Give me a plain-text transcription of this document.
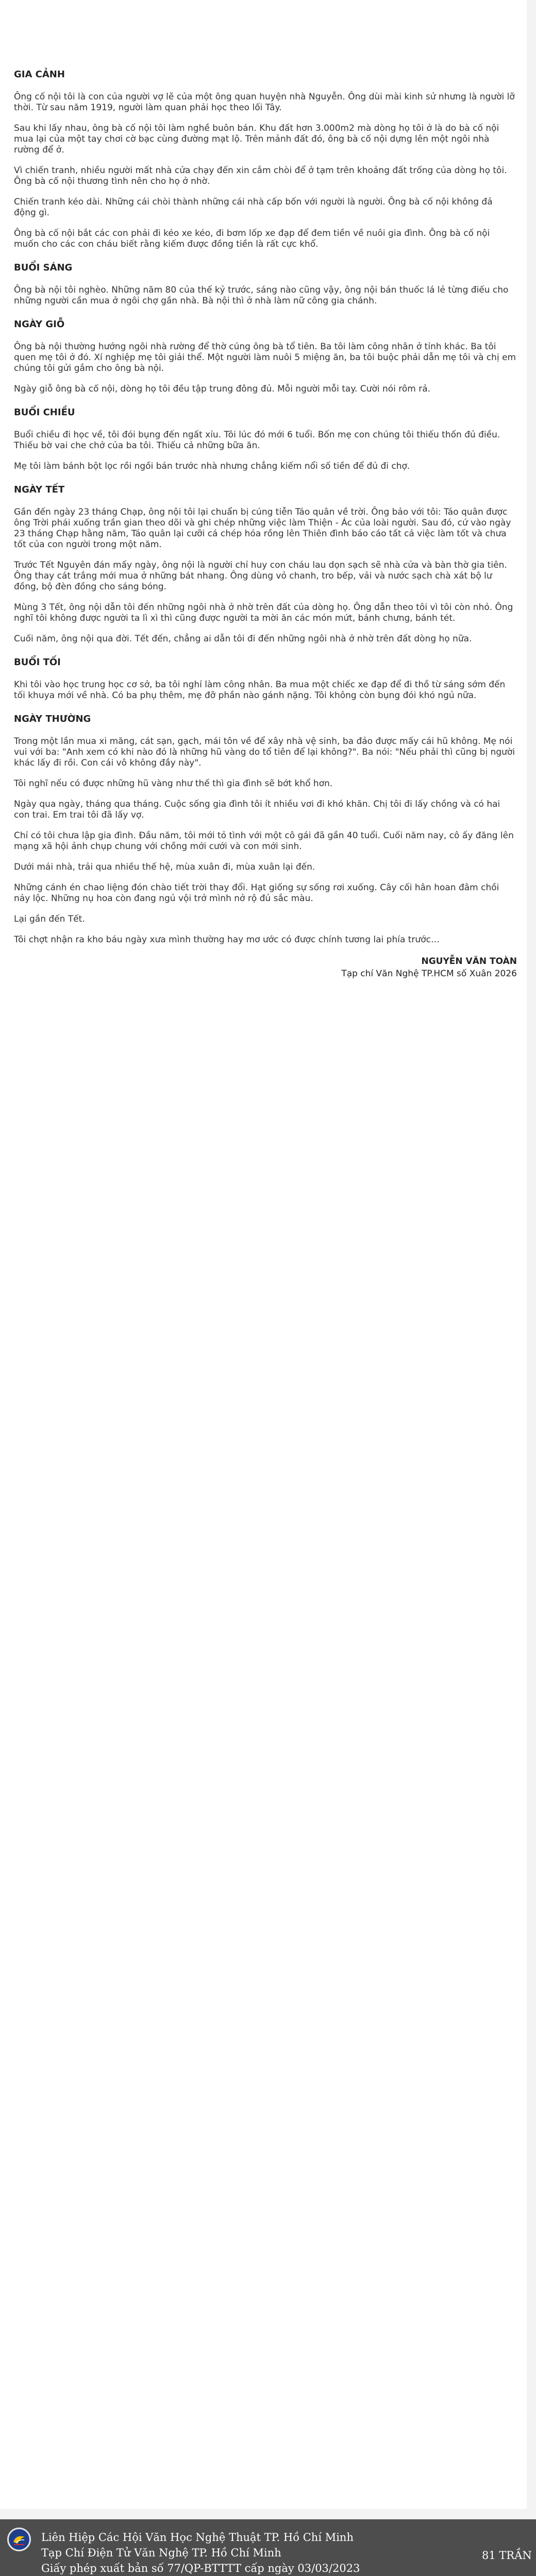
GIA CẢNH

Ông cố nội tôi là con của người vợ lẽ của một ông quan huyện nhà Nguyễn. Ông dùi mài kinh sử nhưng là người lỡ thời. Từ sau năm 1919, người làm quan phải học theo lối Tây.

Sau khi lấy nhau, ông bà cố nội tôi làm nghề buôn bán. Khu đất hơn 3.000m2 mà dòng họ tôi ở là do bà cố nội mua lại của một tay chơi cờ bạc cùng đường mạt lộ. Trên mảnh đất đó, ông bà cố nội dựng lên một ngôi nhà rường để ở.

Vì chiến tranh, nhiều người mất nhà cửa chạy đến xin cắm chòi để ở tạm trên khoảng đất trống của dòng họ tôi. Ông bà cố nội thương tình nên cho họ ở nhờ.

Chiến tranh kéo dài. Những cái chòi thành những cái nhà cấp bốn với người là người. Ông bà cố nội không đả động gì.

Ông bà cố nội bắt các con phải đi kéo xe kéo, đi bơm lốp xe đạp để đem tiền về nuôi gia đình. Ông bà cố nội muốn cho các con cháu biết rằng kiếm được đồng tiền là rất cực khổ.

BUỔI SÁNG

Ông bà nội tôi nghèo. Những năm 80 của thế kỷ trước, sáng nào cũng vậy, ông nội bán thuốc lá lẻ từng điếu cho những người cần mua ở ngôi chợ gần nhà. Bà nội thì ở nhà làm nữ công gia chánh.

NGÀY GIỖ

Ông bà nội thường hướng ngôi nhà rường để thờ cúng ông bà tổ tiên. Ba tôi làm công nhân ở tỉnh khác. Ba tôi quen mẹ tôi ở đó. Xí nghiệp mẹ tôi giải thể. Một người làm nuôi 5 miệng ăn, ba tôi buộc phải dẫn mẹ tôi và chị em chúng tôi gửi gắm cho ông bà nội.

Ngày giỗ ông bà cố nội, dòng họ tôi đều tập trung đông đủ. Mỗi người mỗi tay. Cười nói rôm rả.

BUỔI CHIỀU

Buổi chiều đi học về, tôi đói bụng đến ngất xỉu. Tôi lúc đó mới 6 tuổi. Bốn mẹ con chúng tôi thiếu thốn đủ điều. Thiếu bờ vai che chở của ba tôi. Thiếu cả những bữa ăn.

Mẹ tôi làm bánh bột lọc rồi ngồi bán trước nhà nhưng chẳng kiếm nổi số tiền để đủ đi chợ.

NGÀY TẾT

Gần đến ngày 23 tháng Chạp, ông nội tôi lại chuẩn bị cúng tiễn Táo quân về trời. Ông bảo với tôi: Táo quân được ông Trời phái xuống trần gian theo dõi và ghi chép những việc làm Thiện - Ác của loài người. Sau đó, cứ vào ngày 23 tháng Chạp hằng năm, Táo quân lại cưỡi cá chép hóa rồng lên Thiên đình báo cáo tất cả việc làm tốt và chưa tốt của con người trong một năm.

Trước Tết Nguyên đán mấy ngày, ông nội là người chỉ huy con cháu lau dọn sạch sẽ nhà cửa và bàn thờ gia tiên. Ông thay cát trắng mới mua ở những bát nhang. Ông dùng vỏ chanh, tro bếp, vải và nước sạch chà xát bộ lư đồng, bộ đèn đồng cho sáng bóng.

Mùng 3 Tết, ông nội dẫn tôi đến những ngôi nhà ở nhờ trên đất của dòng họ. Ông dẫn theo tôi vì tôi còn nhỏ. Ông nghĩ tôi không được người ta lì xì thì cũng được người ta mời ăn các món mứt, bánh chưng, bánh tét.

Cuối năm, ông nội qua đời. Tết đến, chẳng ai dẫn tôi đi đến những ngôi nhà ở nhờ trên đất dòng họ nữa.

BUỔI TỐI

Khi tôi vào học trung học cơ sở, ba tôi nghỉ làm công nhân. Ba mua một chiếc xe đạp để đi thồ từ sáng sớm đến tối khuya mới về nhà. Có ba phụ thêm, mẹ đỡ phần nào gánh nặng. Tôi không còn bụng đói khó ngủ nữa.

NGÀY THƯỜNG

Trong một lần mua xi măng, cát sạn, gạch, mái tôn về để xây nhà vệ sinh, ba đảo được mấy cái hũ không. Mẹ nói vui với ba: "Anh xem có khi nào đó là những hũ vàng do tổ tiên để lại không?". Ba nói: "Nếu phải thì cũng bị người khác lấy đi rồi. Con cái vô không đầy này".

Tôi nghĩ nếu có được những hũ vàng như thế thì gia đình sẽ bớt khổ hơn.

Ngày qua ngày, tháng qua tháng. Cuộc sống gia đình tôi ít nhiều vơi đi khó khăn. Chị tôi đi lấy chồng và có hai con trai. Em trai tôi đã lấy vợ.

Chỉ có tôi chưa lập gia đình. Đầu năm, tôi mới tỏ tình với một cô gái đã gần 40 tuổi. Cuối năm nay, cô ấy đăng lên mạng xã hội ảnh chụp chung với chồng mới cưới và con mới sinh.

Dưới mái nhà, trải qua nhiều thế hệ, mùa xuân đi, mùa xuân lại đến.

Những cánh én chao liệng đón chào tiết trời thay đổi. Hạt giống sự sống rơi xuống. Cây cối hân hoan đâm chồi nảy lộc. Những nụ hoa còn đang ngủ vội trở mình nở rộ đủ sắc màu.

Lại gần đến Tết.

Tôi chợt nhận ra kho báu ngày xưa mình thường hay mơ ước có được chính tương lai phía trước…

NGUYỄN VĂN TOÀN
Tạp chí Văn Nghệ TP.HCM số Xuân 2026
Liên Hiệp Các Hội Văn Học Nghệ Thuật TP. Hồ Chí Minh
Tạp Chí Điện Tử Văn Nghệ TP. Hồ Chí Minh
Giấy phép xuất bản số 77/QP-BTTTT cấp ngày 03/03/2023
81 TRẦN
